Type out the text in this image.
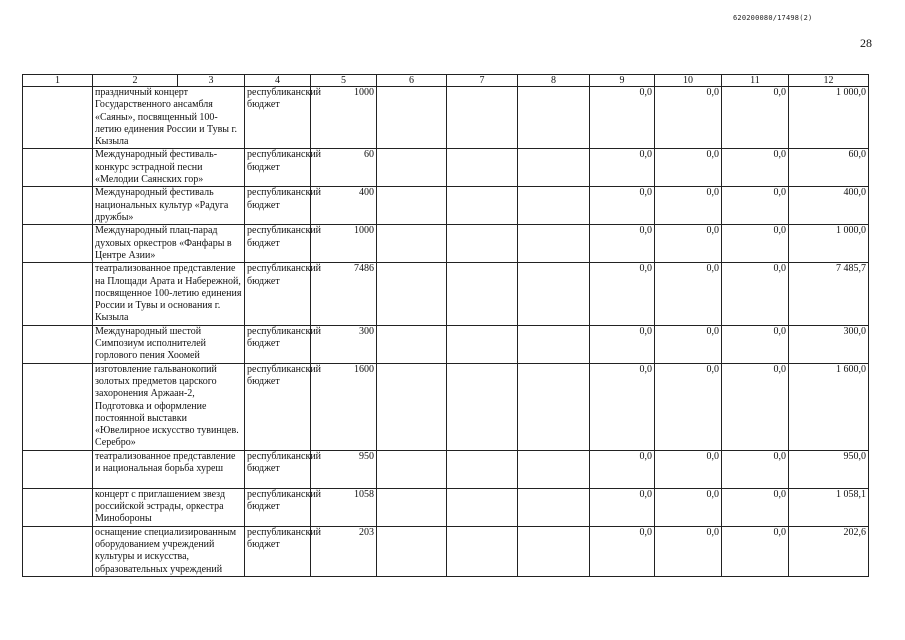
620200080/17498(2)
28
1	2	3	4	5	6	7	8	9	10	11	12
	праздничный концерт Государственного ансамбля «Саяны», посвященный 100-летию единения России и Тувы г. Кызыла		республиканский бюджет	1000				0,0	0,0	0,0	1 000,0
	Международный фестиваль-конкурс эстрадной песни «Мелодии Саянских гор»		республиканский бюджет	60				0,0	0,0	0,0	60,0
	Международный фестиваль национальных культур «Радуга дружбы»		республиканский бюджет	400				0,0	0,0	0,0	400,0
	Международный плац-парад духовых оркестров «Фанфары в Центре Азии»		республиканский бюджет	1000				0,0	0,0	0,0	1 000,0
	театрализованное представление на Площади Арата и Набережной, посвященное 100-летию единения России и Тувы и основания г. Кызыла		республиканский бюджет	7486				0,0	0,0	0,0	7 485,7
	Международный шестой Симпозиум исполнителей горлового пения Хоомей		республиканский бюджет	300				0,0	0,0	0,0	300,0
	изготовление гальванокопий золотых предметов царского захоронения Аржаан-2, Подготовка и оформление постоянной выставки «Ювелирное искусство тувинцев. Серебро»		республиканский бюджет	1600				0,0	0,0	0,0	1 600,0
	театрализованное представление и национальная борьба хуреш		республиканский бюджет	950				0,0	0,0	0,0	950,0
	концерт с приглашением звезд российской эстрады, оркестра Минобороны		республиканский бюджет	1058				0,0	0,0	0,0	1 058,1
	оснащение специализированным оборудованием учреждений культуры и искусства, образовательных учреждений		республиканский бюджет	203				0,0	0,0	0,0	202,6
